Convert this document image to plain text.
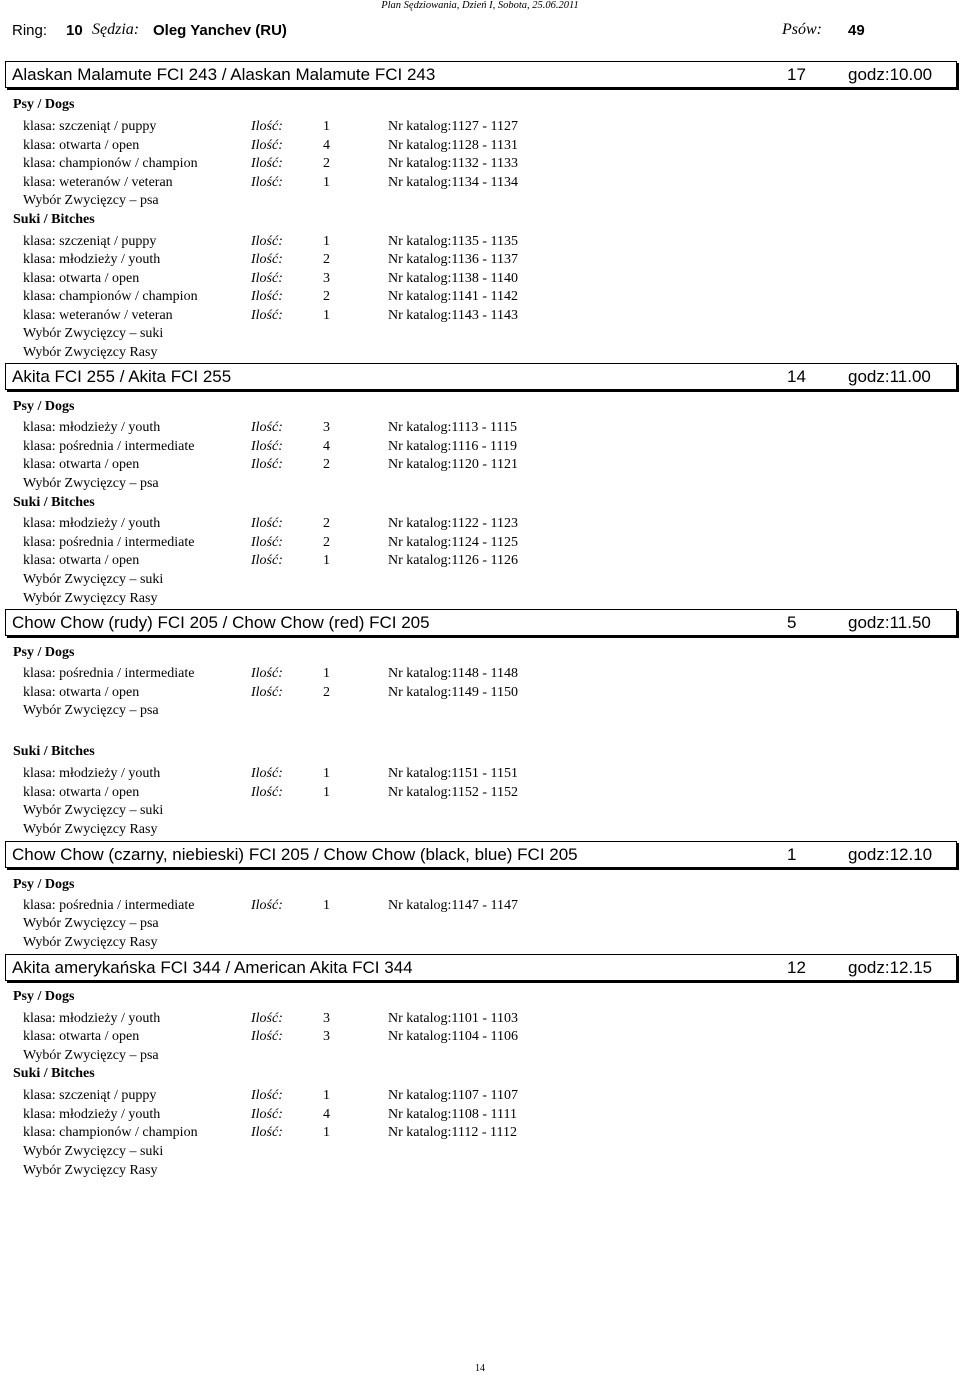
Plan Sędziowania, Dzień I, Sobota, 25.06.2011
Ring: 10 Sędzia: Oleg Yanchev (RU)	Psów: 49
Alaskan Malamute FCI 243 / Alaskan Malamute FCI 243	17 godz:10.00
Psy / Dogs
klasa: szczeniąt / puppy	Ilość:	1	Nr katalog:1127 - 1127
klasa: otwarta / open	Ilość:	4	Nr katalog:1128 - 1131
klasa: championów / champion	Ilość:	2	Nr katalog:1132 - 1133
klasa: weteranów / veteran	Ilość:	1	Nr katalog:1134 - 1134
Wybór Zwycięzcy – psa
Suki / Bitches
klasa: szczeniąt / puppy	Ilość:	1	Nr katalog:1135 - 1135
klasa: młodzieży / youth	Ilość:	2	Nr katalog:1136 - 1137
klasa: otwarta / open	Ilość:	3	Nr katalog:1138 - 1140
klasa: championów / champion	Ilość:	2	Nr katalog:1141 - 1142
klasa: weteranów / veteran	Ilość:	1	Nr katalog:1143 - 1143
Wybór Zwycięzcy – suki
Wybór Zwycięzcy Rasy
Akita FCI 255 / Akita FCI 255	14 godz:11.00
Psy / Dogs
klasa: młodzieży / youth	Ilość:	3	Nr katalog:1113 - 1115
klasa: pośrednia / intermediate	Ilość:	4	Nr katalog:1116 - 1119
klasa: otwarta / open	Ilość:	2	Nr katalog:1120 - 1121
Wybór Zwycięzcy – psa
Suki / Bitches
klasa: młodzieży / youth	Ilość:	2	Nr katalog:1122 - 1123
klasa: pośrednia / intermediate	Ilość:	2	Nr katalog:1124 - 1125
klasa: otwarta / open	Ilość:	1	Nr katalog:1126 - 1126
Wybór Zwycięzcy – suki
Wybór Zwycięzcy Rasy
Chow Chow (rudy) FCI 205 / Chow Chow (red) FCI 205	5	godz:11.50
Psy / Dogs
klasa: pośrednia / intermediate	Ilość:	1	Nr katalog:1148 - 1148
klasa: otwarta / open	Ilość:	2	Nr katalog:1149 - 1150
Wybór Zwycięzcy – psa
Suki / Bitches
klasa: młodzieży / youth	Ilość:	1	Nr katalog:1151 - 1151
klasa: otwarta / open	Ilość:	1	Nr katalog:1152 - 1152
Wybór Zwycięzcy – suki
Wybór Zwycięzcy Rasy
Chow Chow (czarny, niebieski) FCI 205 / Chow Chow (black, blue) FCI 205	1	godz:12.10
Psy / Dogs
klasa: pośrednia / intermediate	Ilość:	1	Nr katalog:1147 - 1147
Wybór Zwycięzcy – psa
Wybór Zwycięzcy Rasy
Akita amerykańska FCI 344 / American Akita FCI 344	12 godz:12.15
Psy / Dogs
klasa: młodzieży / youth	Ilość:	3	Nr katalog:1101 - 1103
klasa: otwarta / open	Ilość:	3	Nr katalog:1104 - 1106
Wybór Zwycięzcy – psa
Suki / Bitches
klasa: szczeniąt / puppy	Ilość:	1	Nr katalog:1107 - 1107
klasa: młodzieży / youth	Ilość:	4	Nr katalog:1108 - 1111
klasa: championów / champion	Ilość:	1	Nr katalog:1112 - 1112
Wybór Zwycięzcy – suki
Wybór Zwycięzcy Rasy
14
